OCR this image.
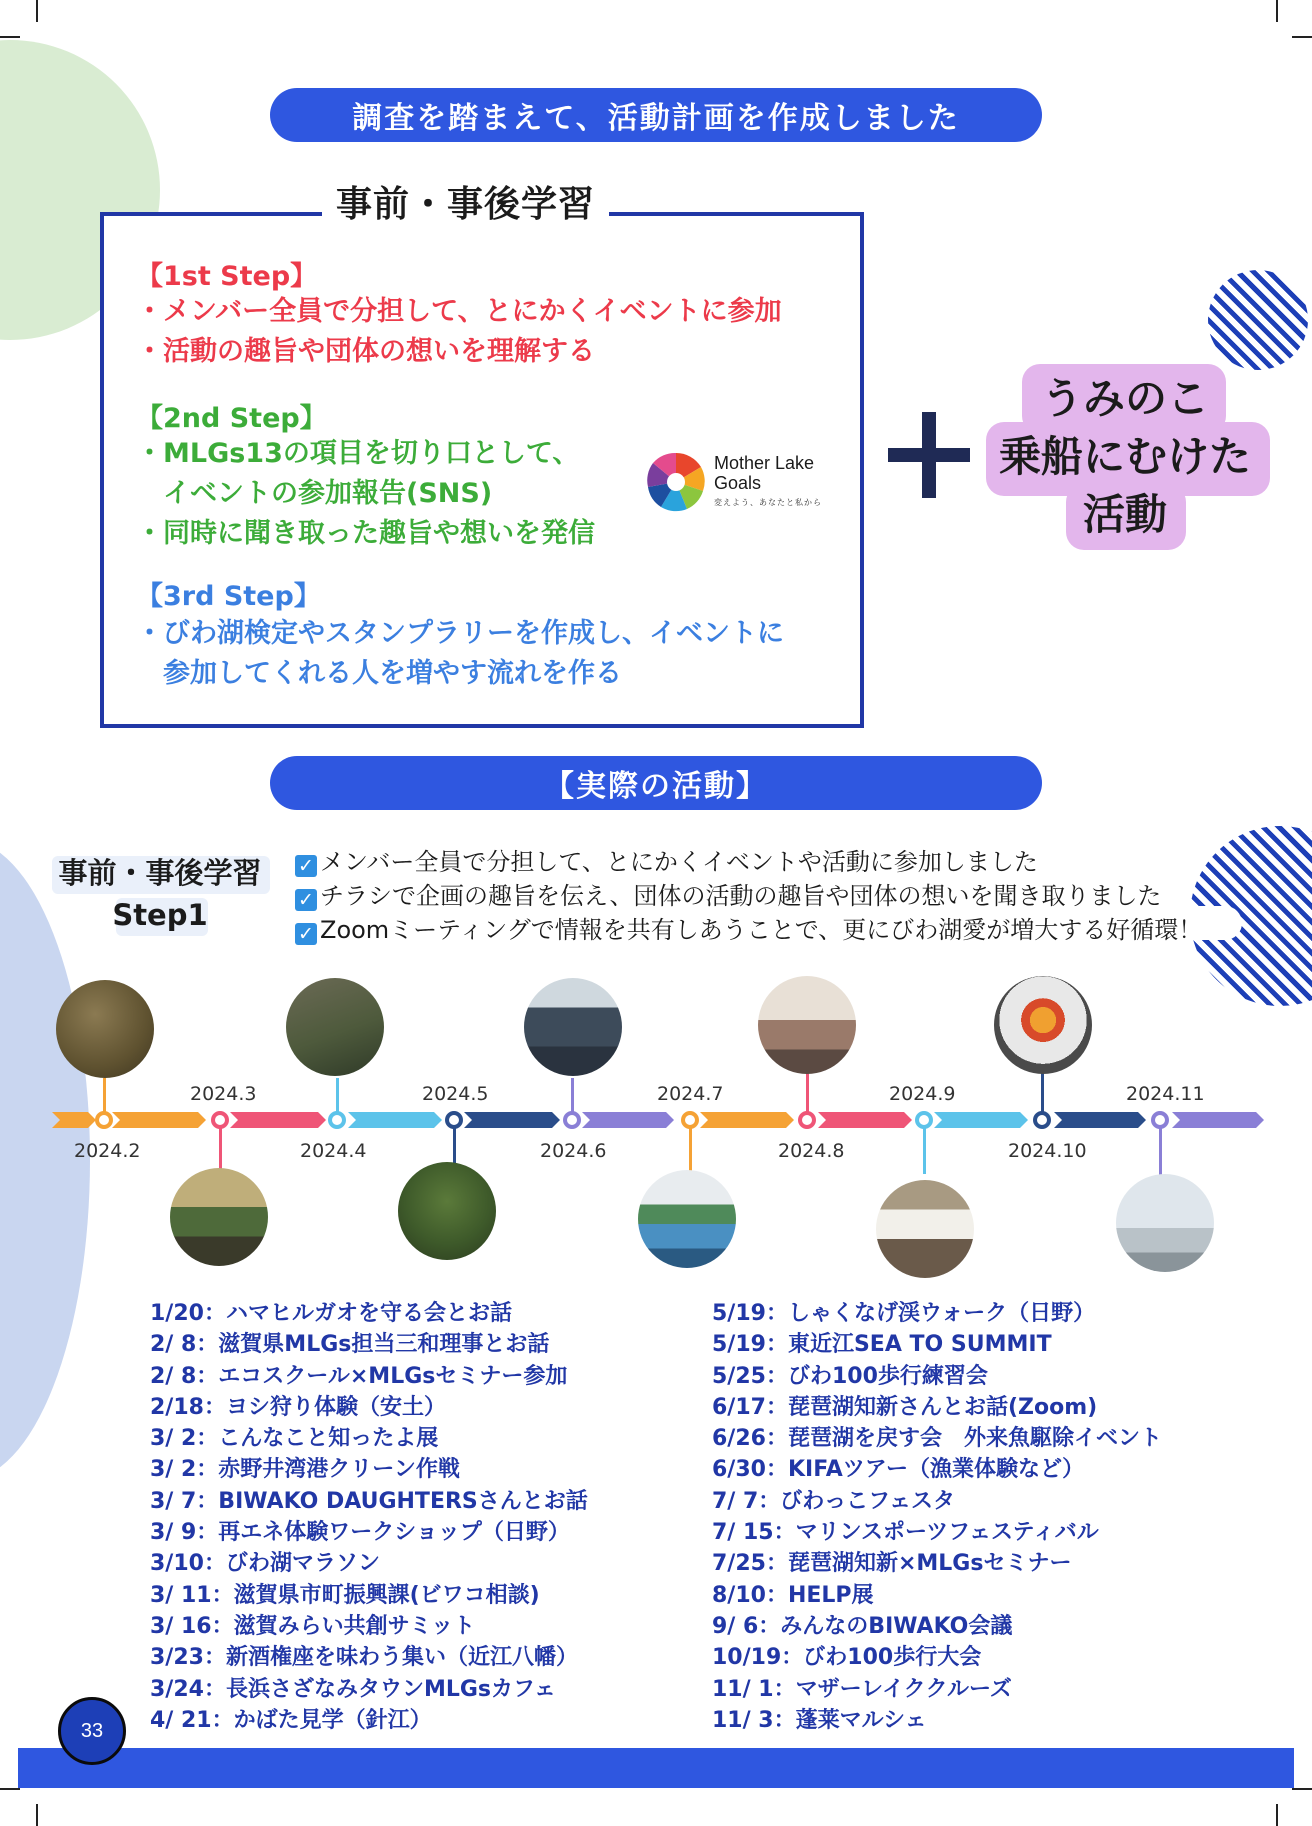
調査を踏まえて、活動計画を作成しました
事前・事後学習
【1st Step】
・メンバー全員で分担して、とにかくイベントに参加
・活動の趣旨や団体の想いを理解する
【2nd Step】
・MLGs13の項目を切り口として、
　イベントの参加報告(SNS)
・同時に聞き取った趣旨や想いを発信
Mother Lake
Goals
変えよう、あなたと私から
【3rd Step】
・びわ湖検定やスタンプラリーを作成し、イベントに
　参加してくれる人を増やす流れを作る
うみのこ
乗船にむけた
活動
【実際の活動】
事前・事後学習
Step1
✓ メンバー全員で分担して、とにかくイベントや活動に参加しました
✓ チラシで企画の趣旨を伝え、団体の活動の趣旨や団体の想いを聞き取りました
✓ Zoomミーティングで情報を共有しあうことで、更にびわ湖愛が増大する好循環！
2024.3	2024.5	2024.7	2024.9	2024.11
2024.2	2024.4	2024.6	2024.8	2024.10
1/20：ハマヒルガオを守る会とお話
2/ 8：滋賀県MLGs担当三和理事とお話
2/ 8：エコスクール×MLGsセミナー参加
2/18：ヨシ狩り体験（安土）
3/ 2：こんなこと知ったよ展
3/ 2：赤野井湾港クリーン作戦
3/ 7：BIWAKO DAUGHTERSさんとお話
3/ 9：再エネ体験ワークショップ（日野）
3/10：びわ湖マラソン
3/ 11：滋賀県市町振興課(ビワコ相談)
3/ 16：滋賀みらい共創サミット
3/23：新酒権座を味わう集い（近江八幡）
3/24：長浜さざなみタウンMLGsカフェ
4/ 21：かばた見学（針江）
5/19：しゃくなげ渓ウォーク（日野）
5/19：東近江SEA TO SUMMIT
5/25：びわ100歩行練習会
6/17：琵琶湖知新さんとお話(Zoom)
6/26：琵琶湖を戻す会　外来魚駆除イベント
6/30：KIFAツアー（漁業体験など）
7/ 7：びわっこフェスタ
7/ 15：マリンスポーツフェスティバル
7/25：琵琶湖知新×MLGsセミナー
8/10：HELP展
9/ 6：みんなのBIWAKO会議
10/19：びわ100歩行大会
11/ 1：マザーレイククルーズ
11/ 3：蓬莱マルシェ
33
